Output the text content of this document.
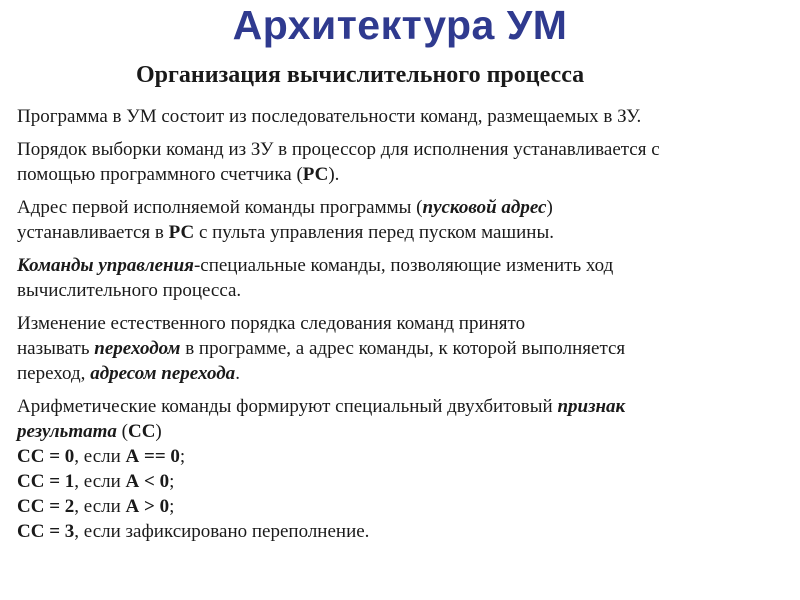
Архитектура УМ
Организация вычислительного процесса
Программа в УМ состоит из последовательности команд, размещаемых в ЗУ.
Порядок выборки команд из ЗУ в процессор для исполнения устанавливается с
помощью программного счетчика (РС).
Адрес первой исполняемой команды программы (пусковой адрес)
устанавливается в РС с пульта управления перед пуском машины.
Команды управления-специальные команды, позволяющие изменить ход
вычислительного процесса.
Изменение естественного порядка следования команд принято
называть переходом в программе, а адрес команды, к которой выполняется
переход, адресом перехода.
Арифметические команды формируют специальный двухбитовый признак
результата (СС)
СС = 0, если А == 0;
СС = 1, если А < 0;
СС = 2, если А > 0;
СС = 3, если зафиксировано переполнение.
